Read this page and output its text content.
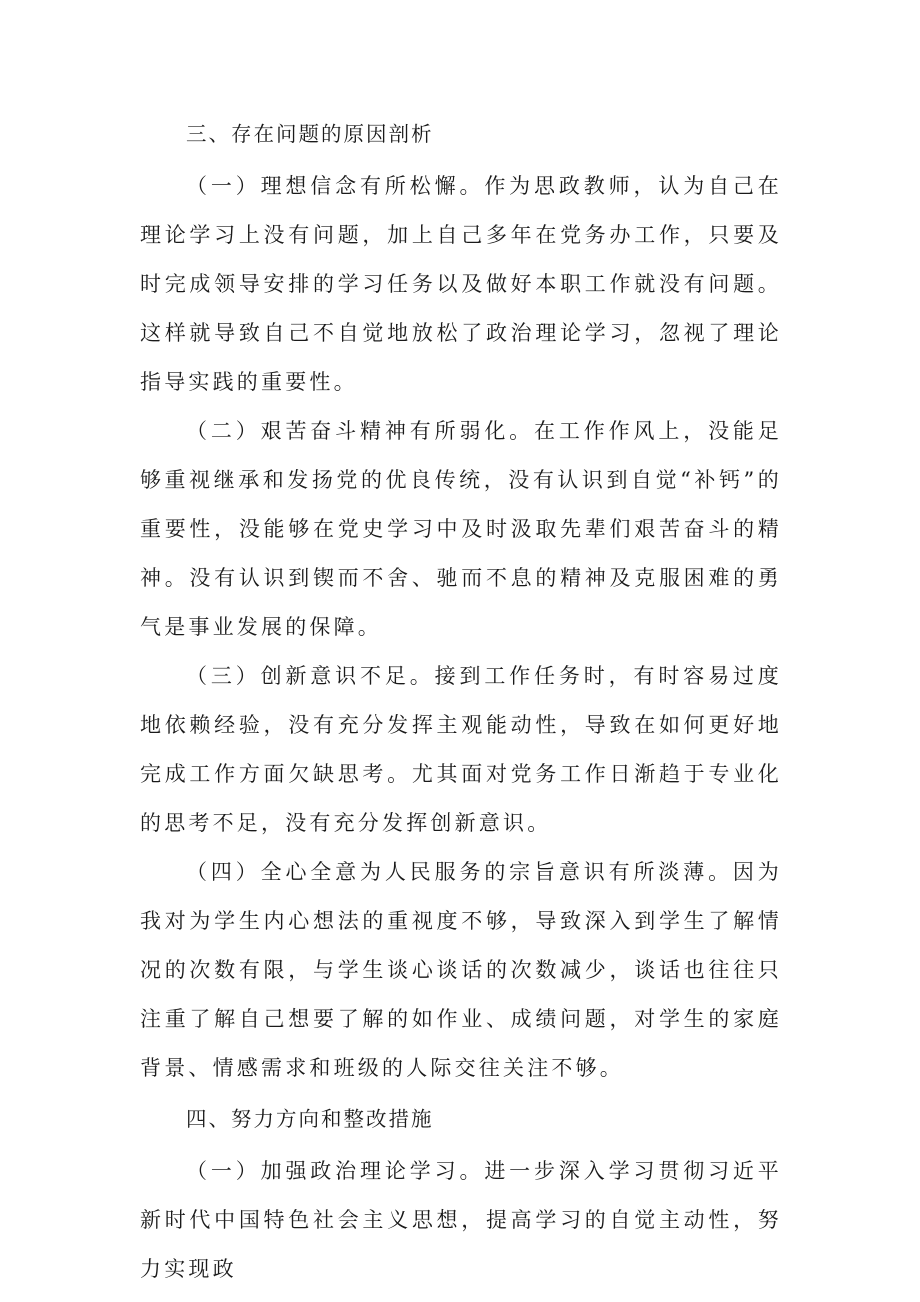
三、存在问题的原因剖析

（一）理想信念有所松懈。作为思政教师，认为自己在理论学习上没有问题，加上自己多年在党务办工作，只要及时完成领导安排的学习任务以及做好本职工作就没有问题。这样就导致自己不自觉地放松了政治理论学习，忽视了理论指导实践的重要性。

（二）艰苦奋斗精神有所弱化。在工作作风上，没能足够重视继承和发扬党的优良传统，没有认识到自觉“补钙”的重要性，没能够在党史学习中及时汲取先辈们艰苦奋斗的精神。没有认识到锲而不舍、驰而不息的精神及克服困难的勇气是事业发展的保障。

（三）创新意识不足。接到工作任务时，有时容易过度地依赖经验，没有充分发挥主观能动性，导致在如何更好地完成工作方面欠缺思考。尤其面对党务工作日渐趋于专业化的思考不足，没有充分发挥创新意识。

（四）全心全意为人民服务的宗旨意识有所淡薄。因为我对为学生内心想法的重视度不够，导致深入到学生了解情况的次数有限，与学生谈心谈话的次数减少，谈话也往往只注重了解自己想要了解的如作业、成绩问题，对学生的家庭背景、情感需求和班级的人际交往关注不够。

四、努力方向和整改措施

（一）加强政治理论学习。进一步深入学习贯彻习近平新时代中国特色社会主义思想，提高学习的自觉主动性，努力实现政
